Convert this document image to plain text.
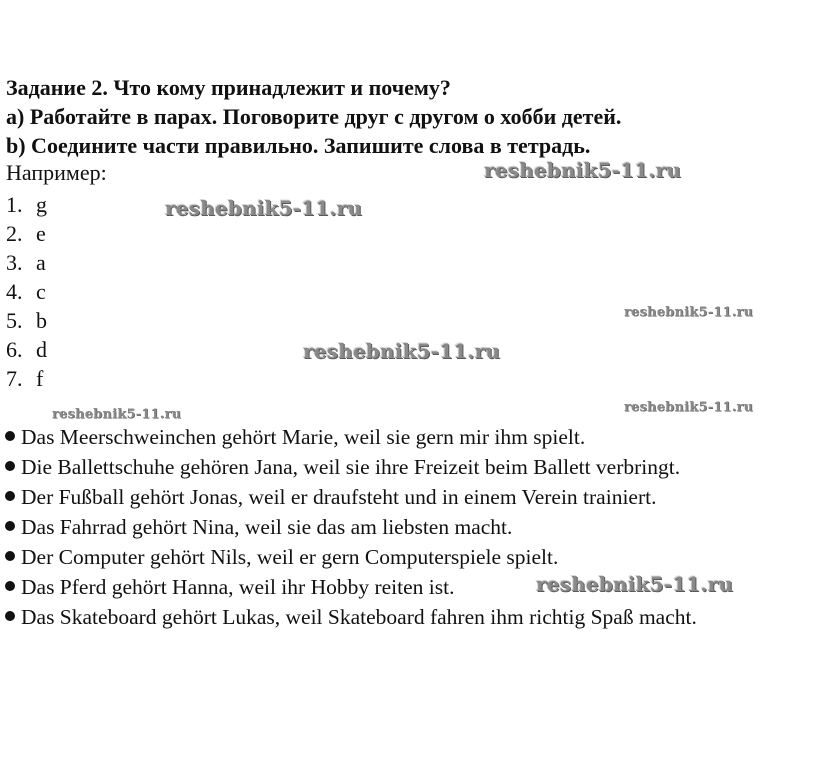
Задание 2. Что кому принадлежит и почему?
а) Работайте в парах. Поговорите друг с другом о хобби детей.
b) Соедините части правильно. Запишите слова в тетрадь.
Например:
1. g
2. e
3. a
4. c
5. b
6. d
7. f
Das Meerschweinchen gehört Marie, weil sie gern mir ihm spielt.
Die Ballettschuhe gehören Jana, weil sie ihre Freizeit beim Ballett verbringt.
Der Fußball gehört Jonas, weil er draufsteht und in einem Verein trainiert.
Das Fahrrad gehört Nina, weil sie das am liebsten macht.
Der Computer gehört Nils, weil er gern Computerspiele spielt.
Das Pferd gehört Hanna, weil ihr Hobby reiten ist.
Das Skateboard gehört Lukas, weil Skateboard fahren ihm richtig Spaß macht.
reshebnik5-11.ru
reshebnik5-11.ru
reshebnik5-11.ru
reshebnik5-11.ru
reshebnik5-11.ru	reshebnik5-11.ru
reshebnik5-11.ru
